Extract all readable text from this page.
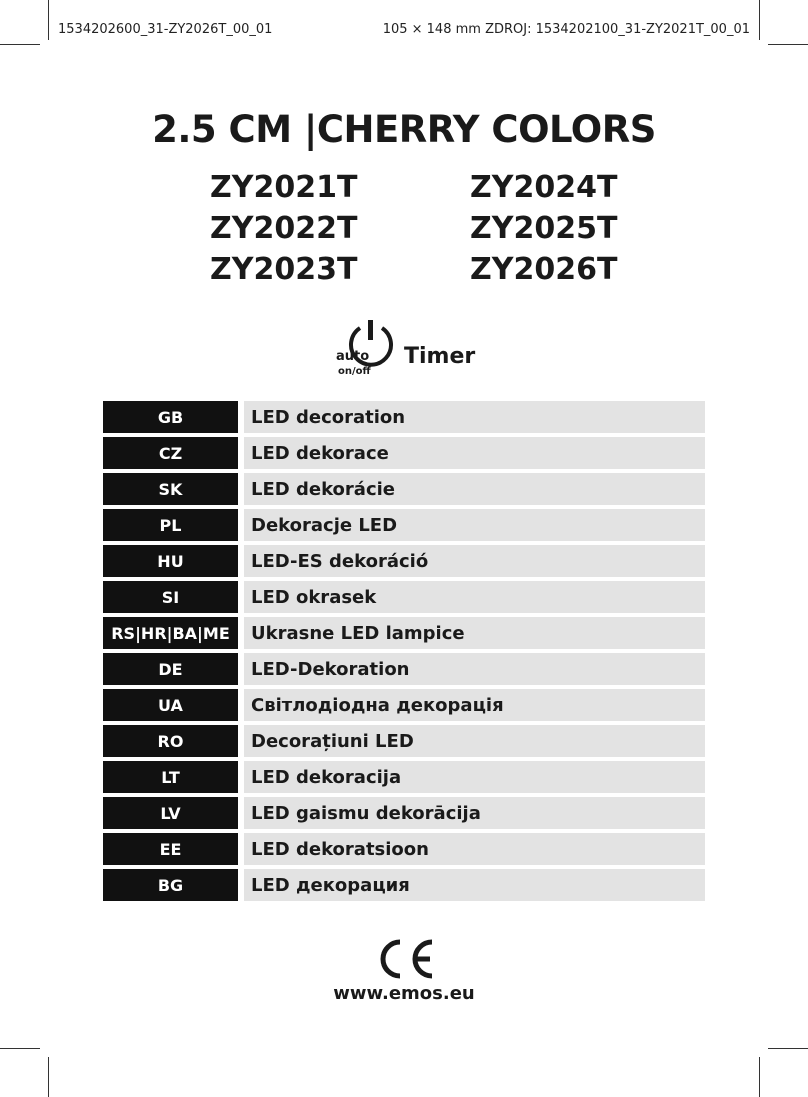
1534202600_31-ZY2026T_00_01	105 × 148 mm ZDROJ: 1534202100_31-ZY2021T_00_01
2.5 CM |CHERRY COLORS
ZY2021T	ZY2024T
ZY2022T	ZY2025T
ZY2023T	ZY2026T
auto
on/off
Timer
GB	LED decoration
CZ	LED dekorace
SK	LED dekorácie
PL	Dekoracje LED
HU	LED-ES dekoráció
SI	LED okrasek
RS|HR|BA|ME	Ukrasne LED lampice
DE	LED-Dekoration
UA	Світлодіодна декорація
RO	Decorațiuni LED
LT	LED dekoracija
LV	LED gaismu dekorācija
EE	LED dekoratsioon
BG	LED декорация
www.emos.eu
